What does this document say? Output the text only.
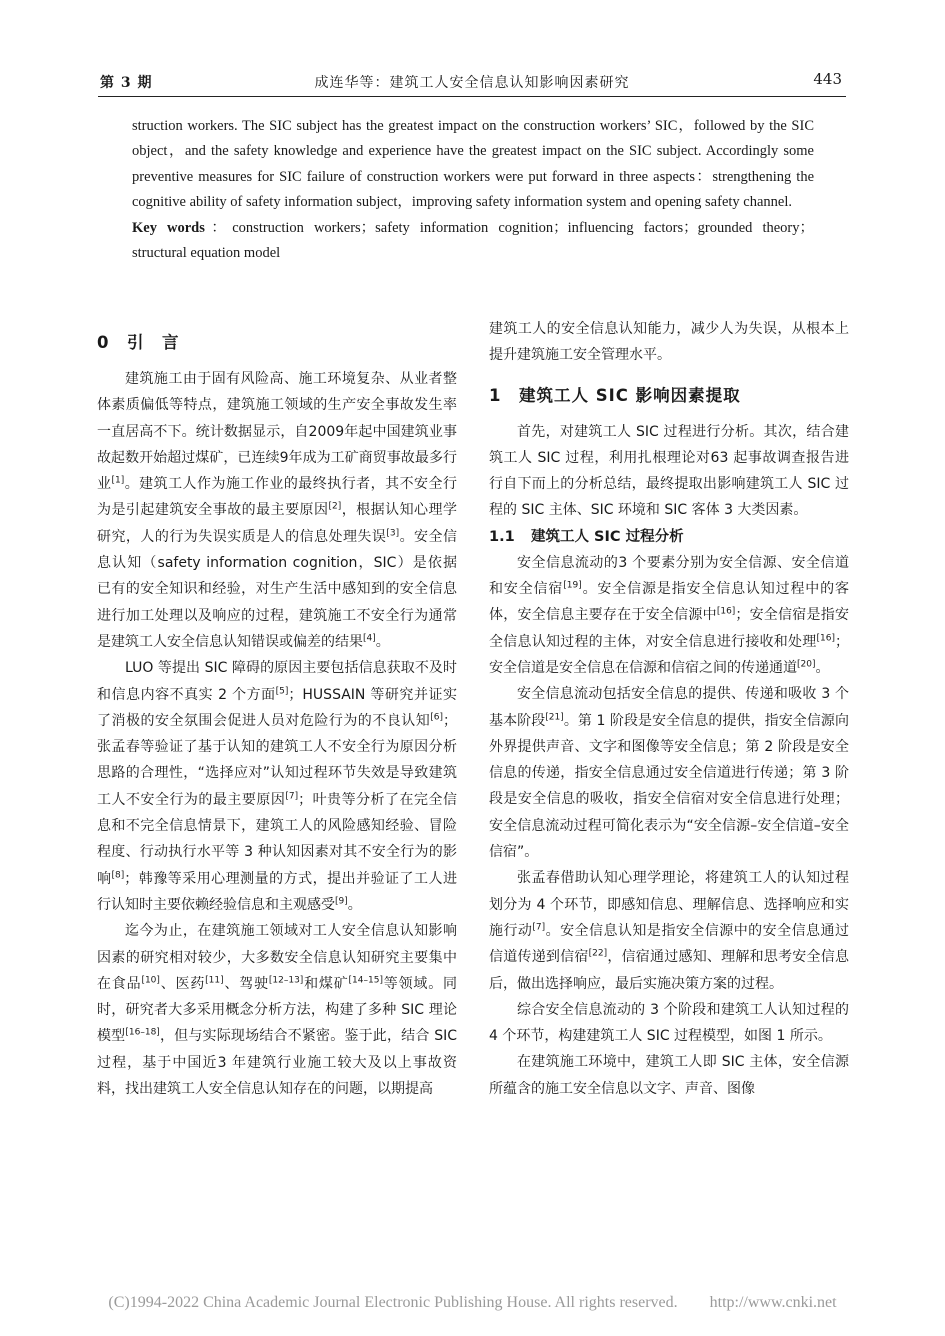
第 3 期	成连华等：建筑工人安全信息认知影响因素研究	443

struction workers. The SIC subject has the greatest impact on the construction workers’ SIC，followed by the SIC object，and the safety knowledge and experience have the greatest impact on the SIC subject. Accordingly some preventive measures for SIC failure of construction workers were put forward in three aspects：strengthening the cognitive ability of safety information subject，improving safety information system and opening safety channel.

Key words：construction workers；safety information cognition；influencing factors；grounded theory；structural equation model

0 引　言

建筑施工由于固有风险高、施工环境复杂、从业者整体素质偏低等特点，建筑施工领域的生产安全事故发生率一直居高不下。统计数据显示，自2009年起中国建筑业事故起数开始超过煤矿，已连续9年成为工矿商贸事故最多行业[1]。建筑工人作为施工作业的最终执行者，其不安全行为是引起建筑安全事故的最主要原因[2]，根据认知心理学研究，人的行为失误实质是人的信息处理失误[3]。安全信息认知（safety information cognition，SIC）是依据已有的安全知识和经验，对生产生活中感知到的安全信息进行加工处理以及响应的过程，建筑施工不安全行为通常是建筑工人安全信息认知错误或偏差的结果[4]。

LUO 等提出 SIC 障碍的原因主要包括信息获取不及时和信息内容不真实 2 个方面[5]；HUSSAIN 等研究并证实了消极的安全氛围会促进人员对危险行为的不良认知[6]；张孟春等验证了基于认知的建筑工人不安全行为原因分析思路的合理性，“选择应对”认知过程环节失效是导致建筑工人不安全行为的最主要原因[7]；叶贵等分析了在完全信息和不完全信息情景下，建筑工人的风险感知经验、冒险程度、行动执行水平等 3 种认知因素对其不安全行为的影响[8]；韩豫等采用心理测量的方式，提出并验证了工人进行认知时主要依赖经验信息和主观感受[9]。

迄今为止，在建筑施工领域对工人安全信息认知影响因素的研究相对较少，大多数安全信息认知研究主要集中在食品[10]、医药[11]、驾驶[12–13]和煤矿[14–15]等领域。同时，研究者大多采用概念分析方法，构建了多种 SIC 理论模型[16–18]，但与实际现场结合不紧密。鉴于此，结合 SIC 过程，基于中国近3 年建筑行业施工较大及以上事故资料，找出建筑工人安全信息认知存在的问题，以期提高

建筑工人的安全信息认知能力，减少人为失误，从根本上提升建筑施工安全管理水平。

1 建筑工人 SIC 影响因素提取

首先，对建筑工人 SIC 过程进行分析。其次，结合建筑工人 SIC 过程，利用扎根理论对63 起事故调查报告进行自下而上的分析总结，最终提取出影响建筑工人 SIC 过程的 SIC 主体、SIC 环境和 SIC 客体 3 大类因素。

1.1 建筑工人 SIC 过程分析

安全信息流动的3 个要素分别为安全信源、安全信道和安全信宿[19]。安全信源是指安全信息认知过程中的客体，安全信息主要存在于安全信源中[16]；安全信宿是指安全信息认知过程的主体，对安全信息进行接收和处理[16]；安全信道是安全信息在信源和信宿之间的传递通道[20]。

安全信息流动包括安全信息的提供、传递和吸收 3 个基本阶段[21]。第 1 阶段是安全信息的提供，指安全信源向外界提供声音、文字和图像等安全信息；第 2 阶段是安全信息的传递，指安全信息通过安全信道进行传递；第 3 阶段是安全信息的吸收，指安全信宿对安全信息进行处理；安全信息流动过程可简化表示为“安全信源–安全信道–安全信宿”。

张孟春借助认知心理学理论，将建筑工人的认知过程划分为 4 个环节，即感知信息、理解信息、选择响应和实施行动[7]。安全信息认知是指安全信源中的安全信息通过信道传递到信宿[22]，信宿通过感知、理解和思考安全信息后，做出选择响应，最后实施决策方案的过程。

综合安全信息流动的 3 个阶段和建筑工人认知过程的 4 个环节，构建建筑工人 SIC 过程模型，如图 1 所示。

在建筑施工环境中，建筑工人即 SIC 主体，安全信源所蕴含的施工安全信息以文字、声音、图像

(C)1994-2022 China Academic Journal Electronic Publishing House. All rights reserved.　　http://www.cnki.net
